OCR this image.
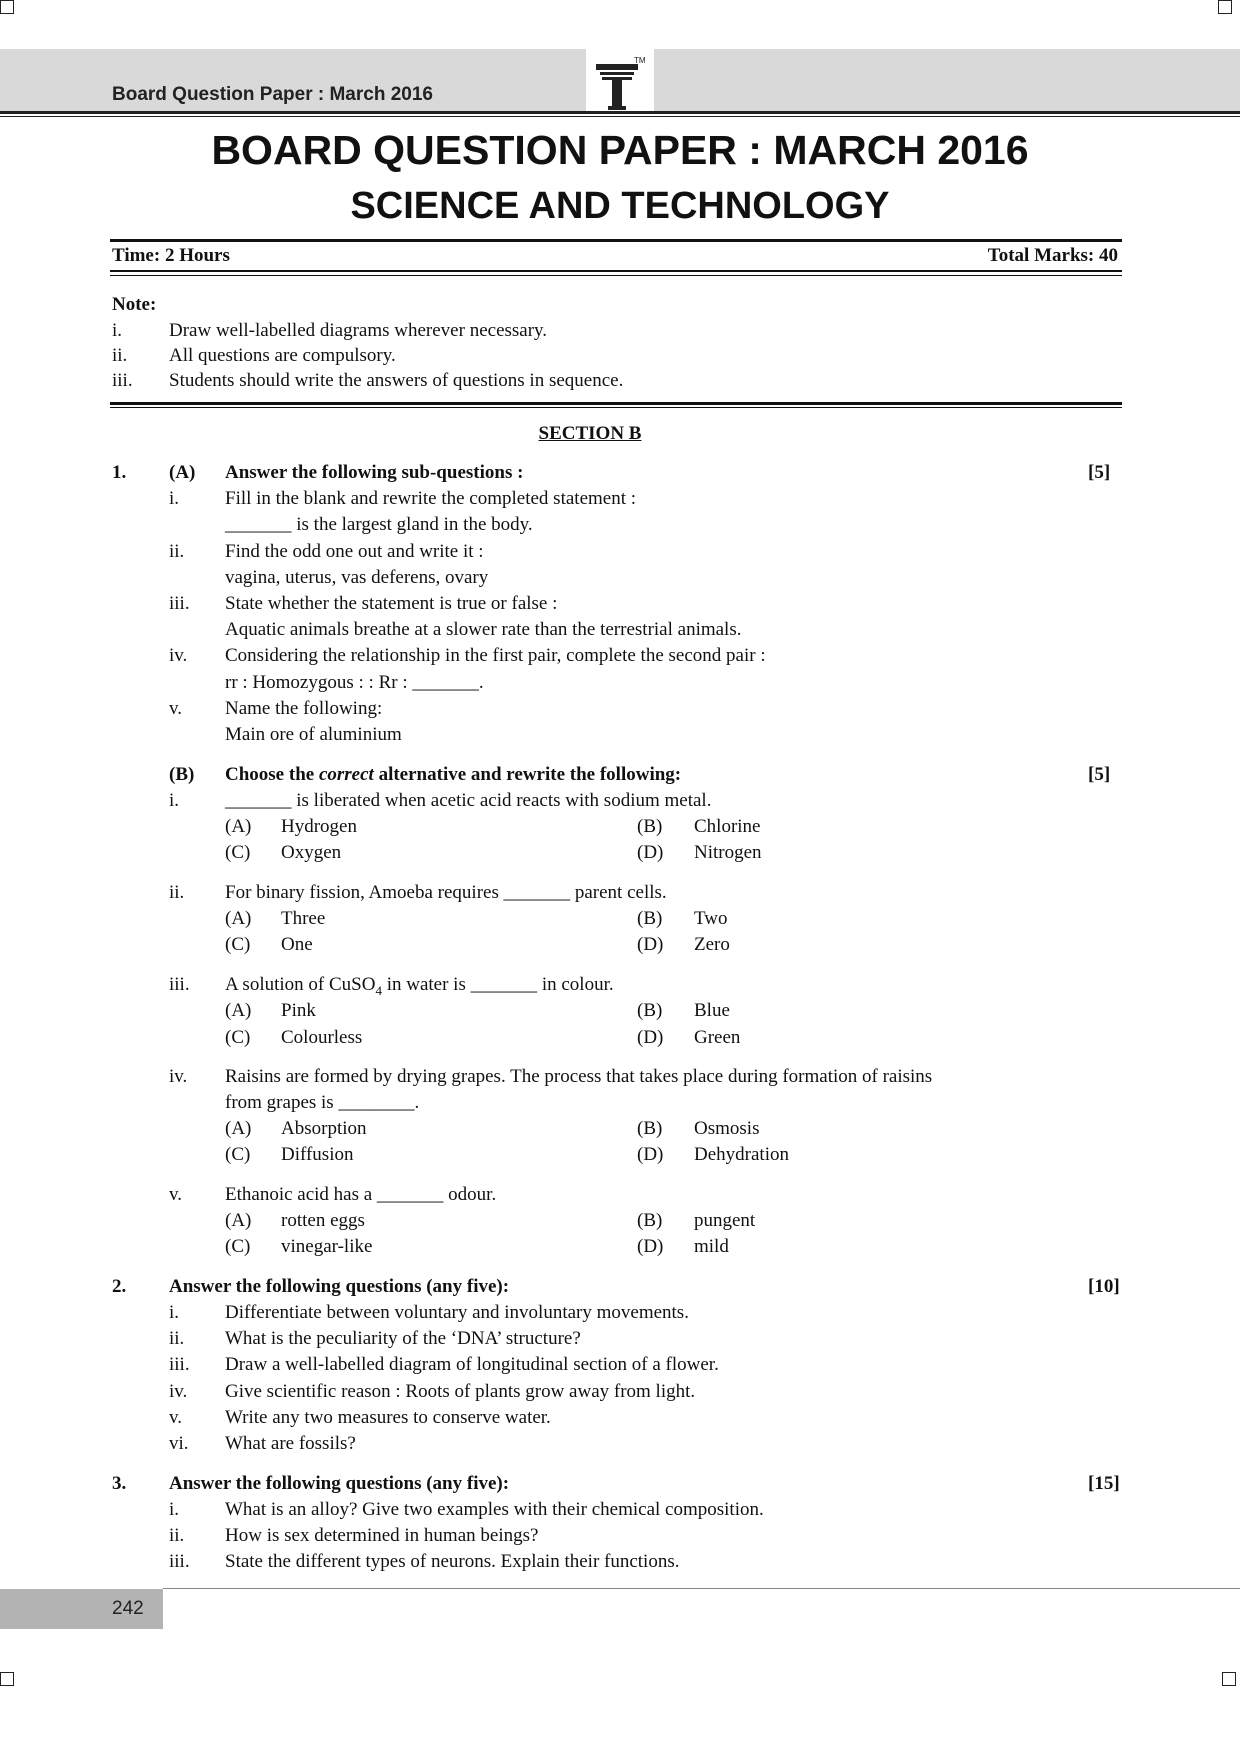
Board Question Paper : March 2016
TM
BOARD QUESTION PAPER : MARCH 2016
SCIENCE AND TECHNOLOGY
Time: 2 Hours	Total Marks: 40
Note:
i. Draw well-labelled diagrams wherever necessary.
ii. All questions are compulsory.
iii. Students should write the answers of questions in sequence.
SECTION B
1. (A) Answer the following sub-questions :	[5]
i. Fill in the blank and rewrite the completed statement :
_______ is the largest gland in the body.
ii. Find the odd one out and write it :
vagina, uterus, vas deferens, ovary
iii. State whether the statement is true or false :
Aquatic animals breathe at a slower rate than the terrestrial animals.
iv. Considering the relationship in the first pair, complete the second pair :
rr : Homozygous : : Rr : _______.
v. Name the following:
Main ore of aluminium
(B) Choose the correct alternative and rewrite the following:	[5]
i. _______ is liberated when acetic acid reacts with sodium metal.
(A) Hydrogen	(B) Chlorine
(C) Oxygen	(D) Nitrogen
ii. For binary fission, Amoeba requires _______ parent cells.
(A) Three	(B) Two
(C) One	(D) Zero
iii. A solution of CuSO$_4$ in water is _______ in colour.
(A) Pink	(B) Blue
(C) Colourless	(D) Green
iv. Raisins are formed by drying grapes. The process that takes place during formation of raisins
from grapes is ________.
(A) Absorption	(B) Osmosis
(C) Diffusion	(D) Dehydration
v. Ethanoic acid has a _______ odour.
(A) rotten eggs	(B) pungent
(C) vinegar-like	(D) mild
2. Answer the following questions (any five):	[10]
i. Differentiate between voluntary and involuntary movements.
ii. What is the peculiarity of the ‘DNA’ structure?
iii. Draw a well-labelled diagram of longitudinal section of a flower.
iv. Give scientific reason : Roots of plants grow away from light.
v. Write any two measures to conserve water.
vi. What are fossils?
3. Answer the following questions (any five):	[15]
i. What is an alloy? Give two examples with their chemical composition.
ii. How is sex determined in human beings?
iii. State the different types of neurons. Explain their functions.
242
